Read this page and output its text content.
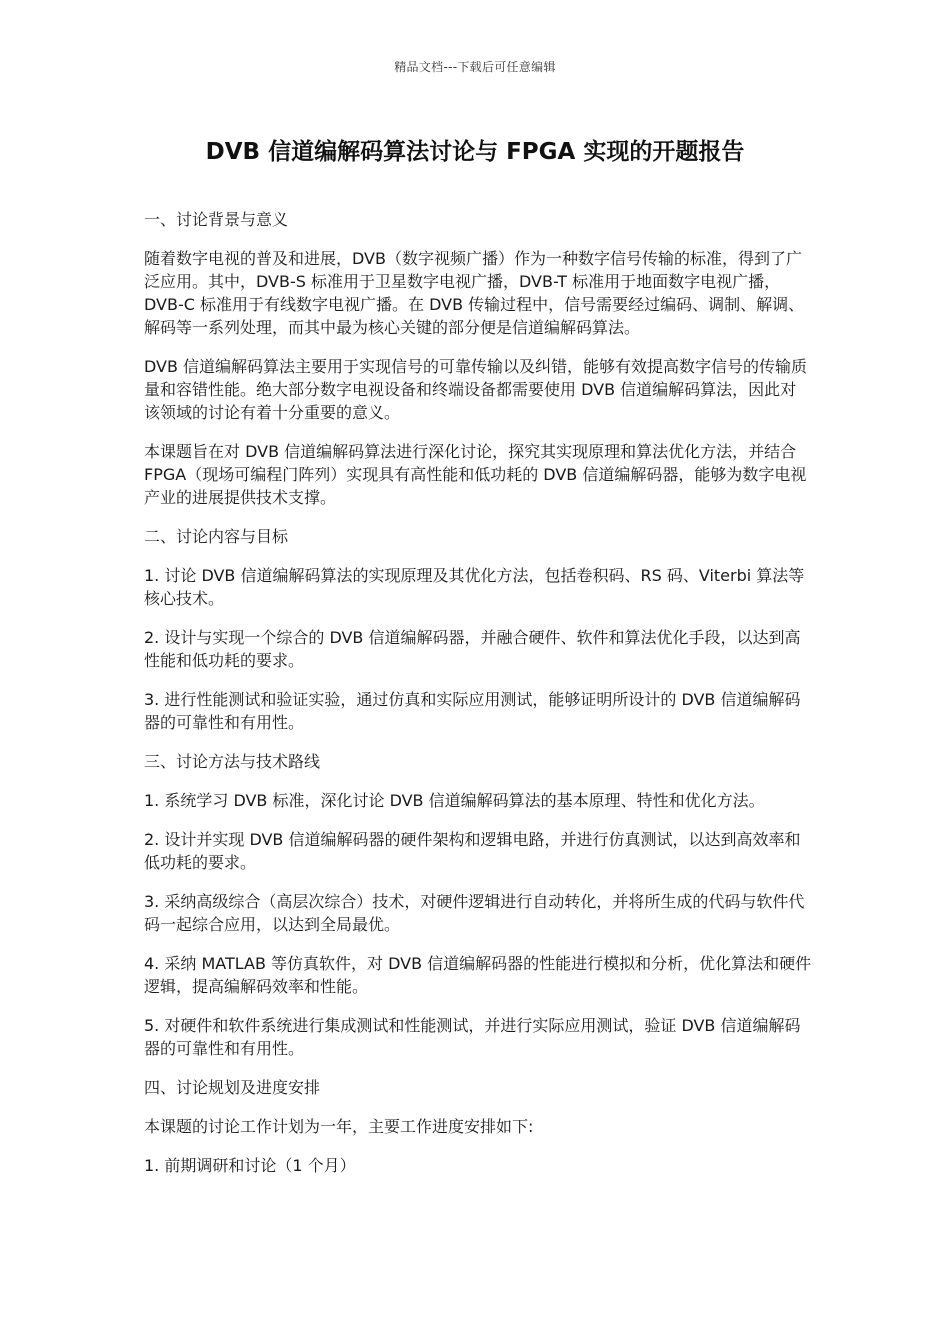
精品文档---下载后可任意编辑
DVB 信道编解码算法讨论与 FPGA 实现的开题报告

一、讨论背景与意义

随着数字电视的普及和进展，DVB（数字视频广播）作为一种数字信号传输的标准，得到了广泛应用。其中，DVB-S 标准用于卫星数字电视广播，DVB-T 标准用于地面数字电视广播，DVB-C 标准用于有线数字电视广播。在 DVB 传输过程中，信号需要经过编码、调制、解调、解码等一系列处理，而其中最为核心关键的部分便是信道编解码算法。

DVB 信道编解码算法主要用于实现信号的可靠传输以及纠错，能够有效提高数字信号的传输质量和容错性能。绝大部分数字电视设备和终端设备都需要使用 DVB 信道编解码算法，因此对该领域的讨论有着十分重要的意义。

本课题旨在对 DVB 信道编解码算法进行深化讨论，探究其实现原理和算法优化方法，并结合 FPGA（现场可编程门阵列）实现具有高性能和低功耗的 DVB 信道编解码器，能够为数字电视产业的进展提供技术支撑。

二、讨论内容与目标

1. 讨论 DVB 信道编解码算法的实现原理及其优化方法，包括卷积码、RS 码、Viterbi 算法等核心技术。

2. 设计与实现一个综合的 DVB 信道编解码器，并融合硬件、软件和算法优化手段，以达到高性能和低功耗的要求。

3. 进行性能测试和验证实验，通过仿真和实际应用测试，能够证明所设计的 DVB 信道编解码器的可靠性和有用性。

三、讨论方法与技术路线

1. 系统学习 DVB 标准，深化讨论 DVB 信道编解码算法的基本原理、特性和优化方法。

2. 设计并实现 DVB 信道编解码器的硬件架构和逻辑电路，并进行仿真测试，以达到高效率和低功耗的要求。

3. 采纳高级综合（高层次综合）技术，对硬件逻辑进行自动转化，并将所生成的代码与软件代码一起综合应用，以达到全局最优。

4. 采纳 MATLAB 等仿真软件，对 DVB 信道编解码器的性能进行模拟和分析，优化算法和硬件逻辑，提高编解码效率和性能。

5. 对硬件和软件系统进行集成测试和性能测试，并进行实际应用测试，验证 DVB 信道编解码器的可靠性和有用性。

四、讨论规划及进度安排

本课题的讨论工作计划为一年，主要工作进度安排如下:

1. 前期调研和讨论（1 个月）
